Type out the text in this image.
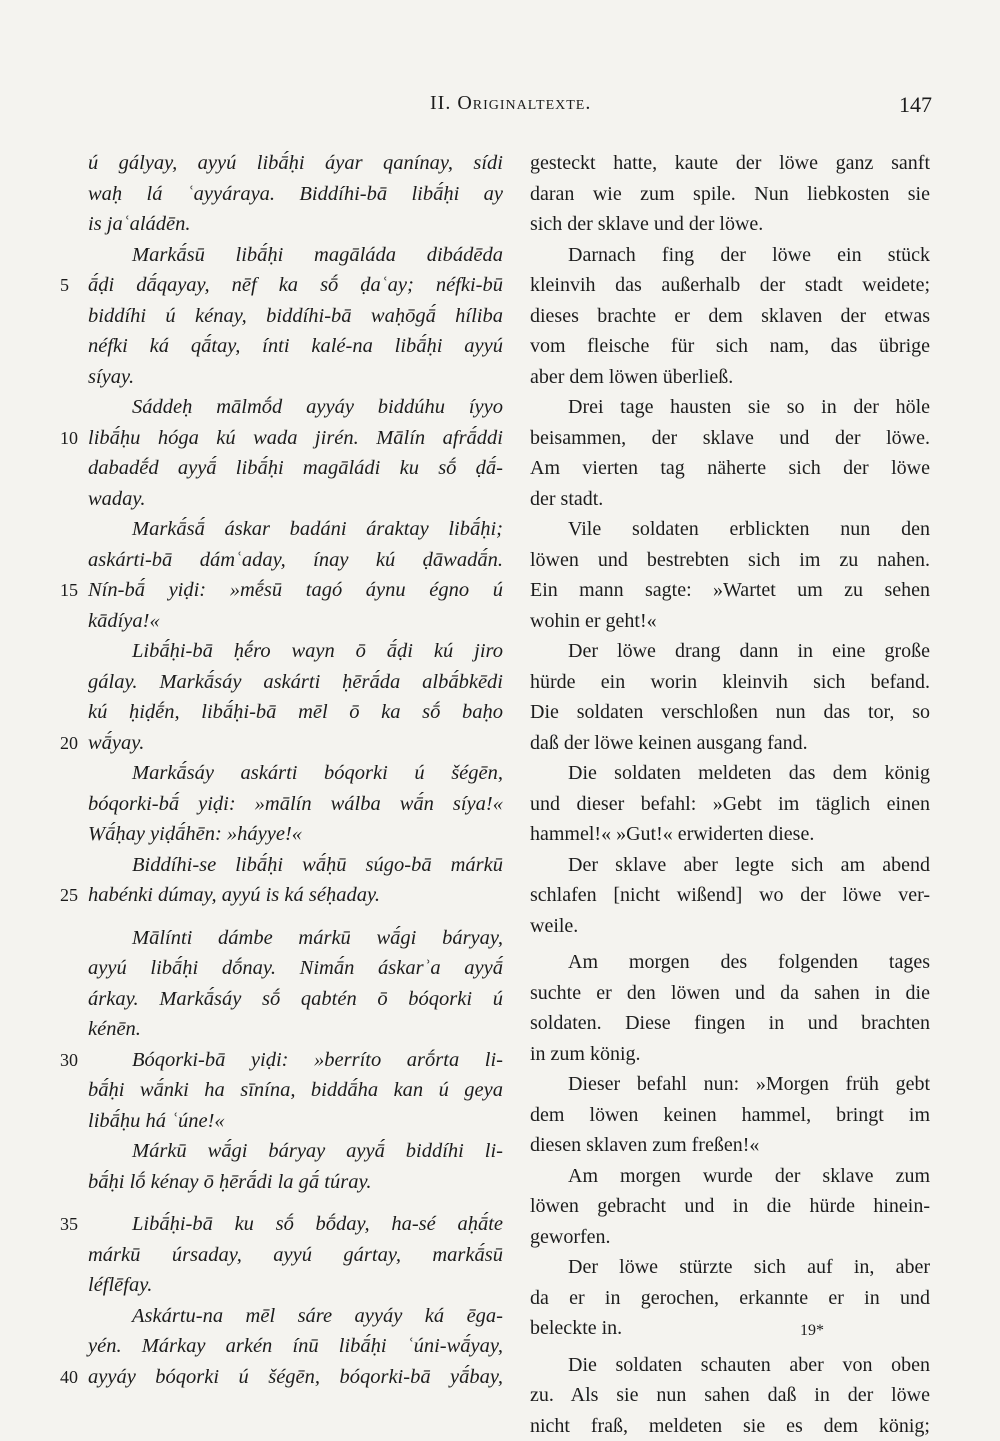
II. Originaltexte.	147
ú gályay, ayyú libā́ḥi áyar qanínay, sídi
waḥ lá ʿayyáraya. Biddíhi-bā libā́ḥi ay
is jaʿaládēn.
Markā́sū libā́ḥi magāláda dibádēda
5 ā́ḍi dā́qayay, nēf ka sṓ ḍaʿay; néfki-bū
biddíhi ú kénay, biddíhi-bā waḥōgā́ híliba
néfki ká qā́tay, ínti kalé-na libā́ḥi ayyú
síyay.
Sáddeḥ mālmṓd ayyáy biddúhu íyyo
10 libā́ḥu hóga kú wada jirén. Mālín afrā́ddi
dabadḗd ayyā́ libā́ḥi magāládi ku sṓ ḍā́-
waday.
Markā́sā́ áskar badáni áraktay libā́ḥi;
askárti-bā dámʿaday, ínay kú ḍāwadā́n.
15 Nín-bā́ yiḍi: »mḗsū tagó áynu égno ú
kādíya!«
Libā́ḥi-bā ḥḗro wayn ō ā́ḍi kú jiro
gálay. Markā́sáy askárti ḥērā́da albā́bkēdi
kú ḥiḍḗn, libā́ḥi-bā mēl ō ka sṓ baḥo
20 wā́yay.
Markā́sáy askárti bóqorki ú šégēn,
bóqorki-bā́ yiḍi: »mālín wálba wā́n síya!«
Wā́ḥay yiḍā́hēn: »háyye!«
Biddíhi-se libā́ḥi wā́ḥū súgo-bā márkū
25 habénki dúmay, ayyú is ká séḥaday.
Mālínti dámbe márkū wā́gi báryay,
ayyú libā́ḥi dṓnay. Nimā́n áskarʾa ayyā́
árkay. Markā́sáy sṓ qabtén ō bóqorki ú
kénēn.
30	Bóqorki-bā yiḍi: »berríto arṓrta li-
bā́ḥi wā́nki ha sīnína, biddā́ha kan ú geya
libā́ḥu há ʿúne!«
Márkū wā́gi báryay ayyā́ biddíhi li-
bā́ḥi lṓ kénay ō ḥērā́di la gā́ túray.
35	Libā́ḥi-bā ku sṓ bṓday, ha-sé aḥā́te
márkū úrsaday, ayyú gártay, markā́sū
léflēfay.
Askártu-na mēl sáre ayyáy ká ēga-
yén. Márkay arkén ínū libā́ḥi ʿúni-wā́yay,
40 ayyáy bóqorki ú šégēn, bóqorki-bā yā́bay,
gesteckt hatte, kaute der löwe ganz sanft
daran wie zum spile. Nun liebkosten sie
sich der sklave und der löwe.
Darnach fing der löwe ein stück
kleinvih das außerhalb der stadt weidete;
dieses brachte er dem sklaven der etwas
vom fleische für sich nam, das übrige
aber dem löwen überließ.
Drei tage hausten sie so in der höle
beisammen, der sklave und der löwe.
Am vierten tag näherte sich der löwe
der stadt.
Vile soldaten erblickten nun den
löwen und bestrebten sich im zu nahen.
Ein mann sagte: »Wartet um zu sehen
wohin er geht!«
Der löwe drang dann in eine große
hürde ein worin kleinvih sich befand.
Die soldaten verschloßen nun das tor, so
daß der löwe keinen ausgang fand.
Die soldaten meldeten das dem könig
und dieser befahl: »Gebt im täglich einen
hammel!« »Gut!« erwiderten diese.
Der sklave aber legte sich am abend
schlafen [nicht wißend] wo der löwe ver-
weile.
Am morgen des folgenden tages
suchte er den löwen und da sahen in die
soldaten. Diese fingen in und brachten
in zum könig.
Dieser befahl nun: »Morgen früh gebt
dem löwen keinen hammel, bringt im
diesen sklaven zum freßen!«
Am morgen wurde der sklave zum
löwen gebracht und in die hürde hinein-
geworfen.
Der löwe stürzte sich auf in, aber
da er in gerochen, erkannte er in und
beleckte in.
Die soldaten schauten aber von oben
zu. Als sie nun sahen daß in der löwe
nicht fraß, meldeten sie es dem könig;
19*
